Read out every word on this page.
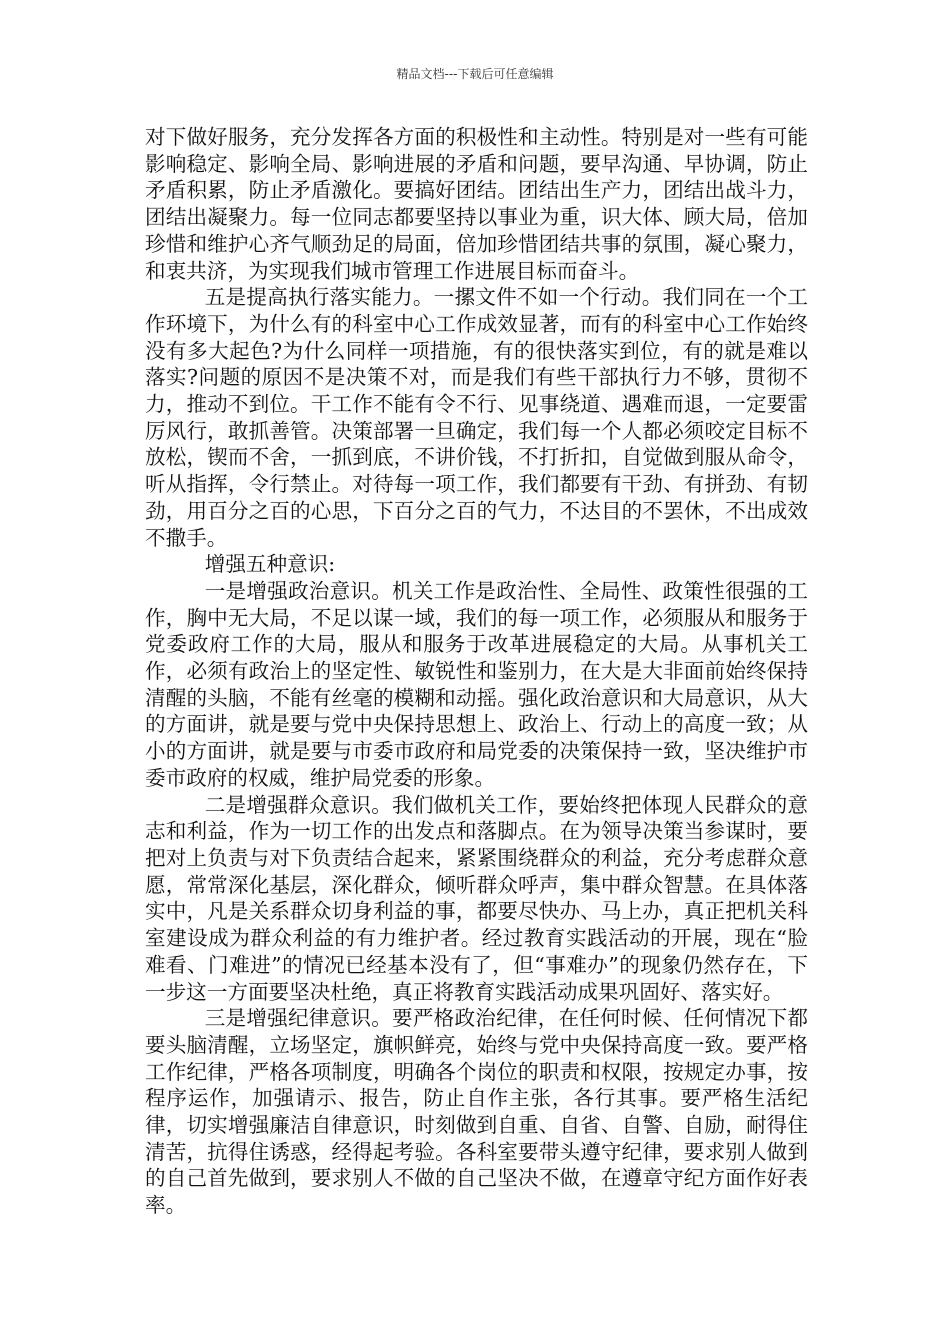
精品文档---下载后可任意编辑

对下做好服务，充分发挥各方面的积极性和主动性。特别是对一些有可能影响稳定、影响全局、影响进展的矛盾和问题，要早沟通、早协调，防止矛盾积累，防止矛盾激化。要搞好团结。团结出生产力，团结出战斗力，团结出凝聚力。每一位同志都要坚持以事业为重，识大体、顾大局，倍加珍惜和维护心齐气顺劲足的局面，倍加珍惜团结共事的氛围，凝心聚力，和衷共济，为实现我们城市管理工作进展目标而奋斗。

五是提高执行落实能力。一摞文件不如一个行动。我们同在一个工作环境下，为什么有的科室中心工作成效显著，而有的科室中心工作始终没有多大起色?为什么同样一项措施，有的很快落实到位，有的就是难以落实?问题的原因不是决策不对，而是我们有些干部执行力不够，贯彻不力，推动不到位。干工作不能有令不行、见事绕道、遇难而退，一定要雷厉风行，敢抓善管。决策部署一旦确定，我们每一个人都必须咬定目标不放松，锲而不舍，一抓到底，不讲价钱，不打折扣，自觉做到服从命令，听从指挥，令行禁止。对待每一项工作，我们都要有干劲、有拼劲、有韧劲，用百分之百的心思，下百分之百的气力，不达目的不罢休，不出成效不撒手。

增强五种意识:

一是增强政治意识。机关工作是政治性、全局性、政策性很强的工作，胸中无大局，不足以谋一域，我们的每一项工作，必须服从和服务于党委政府工作的大局，服从和服务于改革进展稳定的大局。从事机关工作，必须有政治上的坚定性、敏锐性和鉴别力，在大是大非面前始终保持清醒的头脑，不能有丝毫的模糊和动摇。强化政治意识和大局意识，从大的方面讲，就是要与党中央保持思想上、政治上、行动上的高度一致；从小的方面讲，就是要与市委市政府和局党委的决策保持一致，坚决维护市委市政府的权威，维护局党委的形象。

二是增强群众意识。我们做机关工作，要始终把体现人民群众的意志和利益，作为一切工作的出发点和落脚点。在为领导决策当参谋时，要把对上负责与对下负责结合起来，紧紧围绕群众的利益，充分考虑群众意愿，常常深化基层，深化群众，倾听群众呼声，集中群众智慧。在具体落实中，凡是关系群众切身利益的事，都要尽快办、马上办，真正把机关科室建设成为群众利益的有力维护者。经过教育实践活动的开展，现在“脸难看、门难进”的情况已经基本没有了，但“事难办”的现象仍然存在，下一步这一方面要坚决杜绝，真正将教育实践活动成果巩固好、落实好。

三是增强纪律意识。要严格政治纪律，在任何时候、任何情况下都要头脑清醒，立场坚定，旗帜鲜亮，始终与党中央保持高度一致。要严格工作纪律，严格各项制度，明确各个岗位的职责和权限，按规定办事，按程序运作，加强请示、报告，防止自作主张，各行其事。要严格生活纪律，切实增强廉洁自律意识，时刻做到自重、自省、自警、自励，耐得住清苦，抗得住诱惑，经得起考验。各科室要带头遵守纪律，要求别人做到的自己首先做到，要求别人不做的自己坚决不做，在遵章守纪方面作好表率。
